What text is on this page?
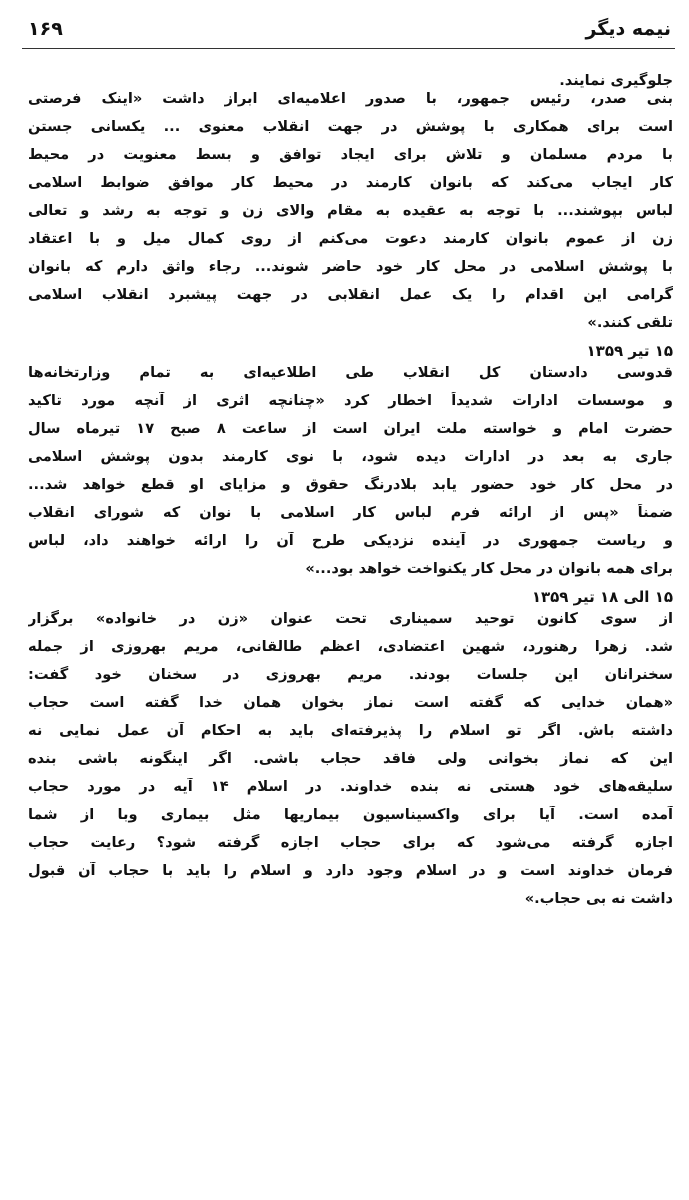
نیمه دیگر
۱۶۹
جلوگیری نمایند.
بنی صدر، رئیس جمهور، با صدور اعلامیه‌ای ابراز داشت «اینک فرصتی
است برای همکاری با پوشش در جهت انقلاب معنوی ... یکسانی جستن
با مردم مسلمان و تلاش برای ایجاد توافق و بسط معنویت در محیط
کار ایجاب می‌کند که بانوان کارمند در محیط کار موافق ضوابط اسلامی
لباس بپوشند... با توجه به عقیده به مقام والای زن و توجه به رشد و تعالی
زن از عموم بانوان کارمند دعوت می‌کنم از روی کمال میل و با اعتقاد
با پوشش اسلامی در محل کار خود حاضر شوند... رجاء واثق دارم که بانوان
گرامی این اقدام را یک عمل انقلابی در جهت پیشبرد انقلاب اسلامی
تلقی کنند.»
۱۵ تیر ۱۳۵۹
قدوسی دادستان کل انقلاب طی اطلاعیه‌ای به تمام وزارتخانه‌ها
و موسسات ادارات شدیداً اخطار کرد «چنانچه اثری از آنچه مورد تاکید
حضرت امام و خواسته ملت ایران است از ساعت ۸ صبح ۱۷ تیرماه سال
جاری به بعد در ادارات دیده شود، با نوی کارمند بدون پوشش اسلامی
در محل کار خود حضور یابد بلادرنگ حقوق و مزایای او قطع خواهد شد...
ضمناً «پس از ارائه فرم لباس کار اسلامی با نوان که شورای انقلاب
و ریاست جمهوری در آینده نزدیکی طرح آن را ارائه خواهند داد، لباس
برای همه بانوان در محل کار یکنواخت خواهد بود...»
۱۵ الی ۱۸ تیر ۱۳۵۹
از سوی کانون توحید سمیناری تحت عنوان «زن در خانواده» برگزار
شد. زهرا رهنورد، شهین اعتضادی، اعظم طالقانی، مریم بهروزی از جمله
سخنرانان این جلسات بودند. مریم بهروزی در سخنان خود گفت:
«همان خدایی که گفته است نماز بخوان همان خدا گفته است حجاب
داشته باش. اگر تو اسلام را پذیرفته‌ای باید به احکام آن عمل نمایی نه
این که نماز بخوانی ولی فاقد حجاب باشی. اگر اینگونه باشی بنده
سلیقه‌های خود هستی نه بنده خداوند. در اسلام ۱۴ آیه در مورد حجاب
آمده است. آیا برای واکسیناسیون بیماریها مثل بیماری وبا از شما
اجازه گرفته می‌شود که برای حجاب اجازه گرفته شود؟ رعایت حجاب
فرمان خداوند است و در اسلام وجود دارد و اسلام را باید با حجاب آن قبول
داشت نه بی حجاب.»
